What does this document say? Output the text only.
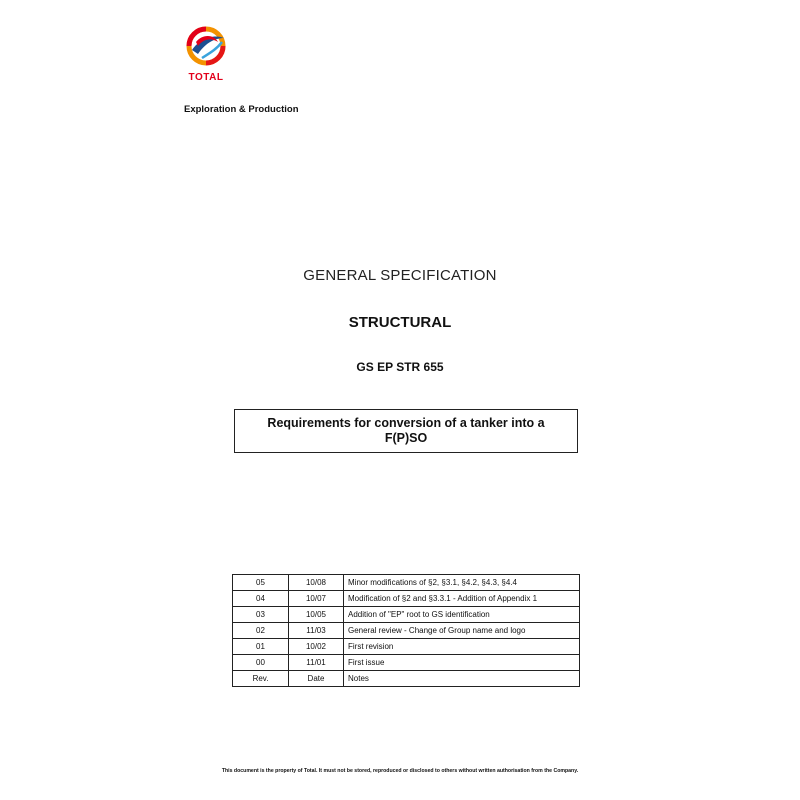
TOTAL
Exploration & Production
GENERAL SPECIFICATION
STRUCTURAL
GS EP STR 655
Requirements for conversion of a tanker into a F(P)SO
05	10/08	Minor modifications of §2, §3.1, §4.2, §4.3, §4.4
04	10/07	Modification of §2 and §3.3.1 - Addition of Appendix 1
03	10/05	Addition of "EP" root to GS identification
02	11/03	General review - Change of Group name and logo
01	10/02	First revision
00	11/01	First issue
Rev.	Date	Notes
This document is the property of Total. It must not be stored, reproduced or disclosed to others without written authorisation from the Company.
